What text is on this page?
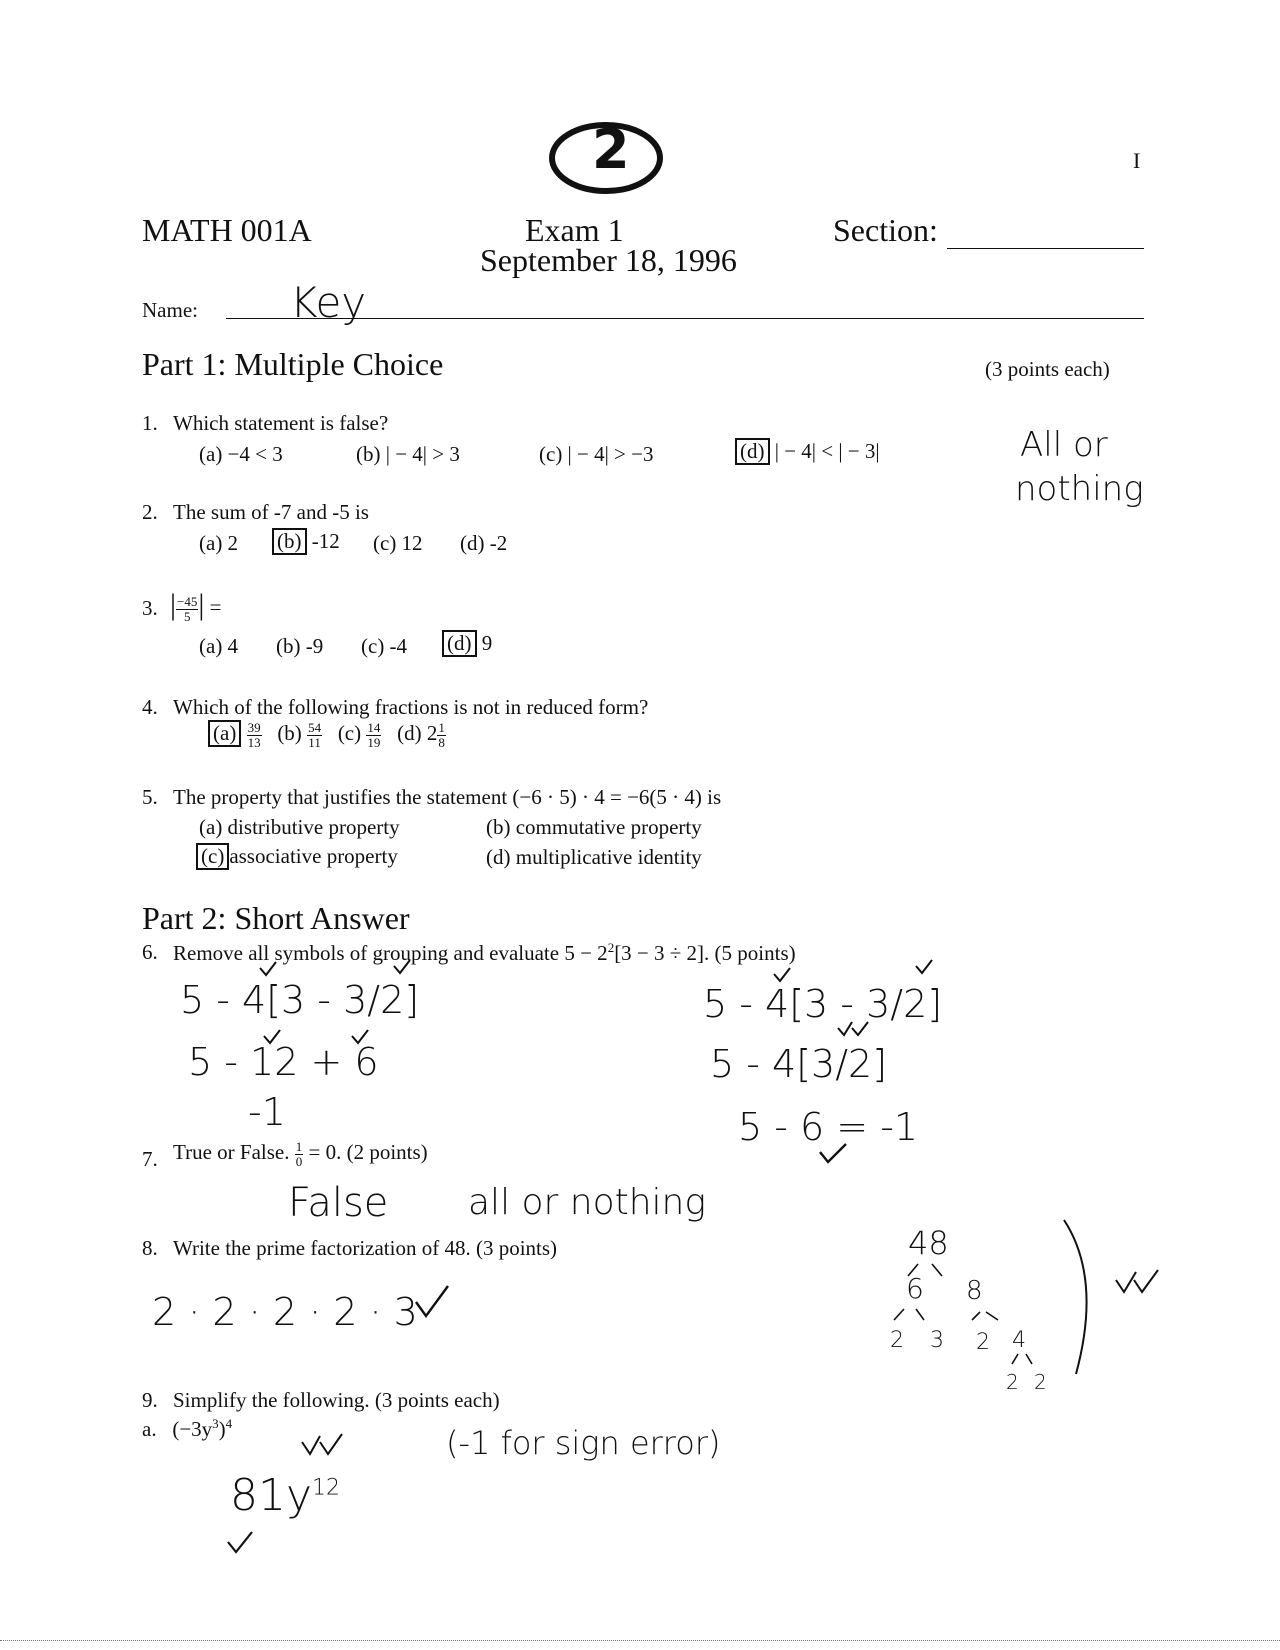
2	I
MATH 001A	Exam 1
September 18, 1996
Section:
Name: Key
Part 1: Multiple Choice	(3 points each)
All or
nothing
1. Which statement is false?
(a) −4 < 3	(b) | − 4| > 3	(c) | − 4| > −3	(d) | − 4| < | − 3|
2. The sum of -7 and -5 is
(a) 2 (b) -12 (c) 12 (d) -2
3. | $\frac{-45}{5}$ | =
(a) 4 (b) -9 (c) -4 (d) 9
4. Which of the following fractions is not in reduced form?
$(a) \frac{39}{13} (b) \frac{54}{11} (c) \frac{14}{19} (d)$ $2 \frac{1}{8}$
5. The property that justifies the statement (−6 · 5) · 4 = −6(5 · 4) is
(a) distributive property	(b) commutative property
(c) associative property	(d) multiplicative identity
Part 2: Short Answer
6. Remove all symbols of grouping and evaluate $5 - 2^2[3 - 3 \div 2]$. (5 points)
5 - 4[3 - 3/2]
5 - 12 + 6
-1
5 - 4[3 - 3/2]
5 - 4[3/2]
5 - 6 = -1
7. True or False. $\frac{1}{0} = 0$. (2 points)
False all or nothing
8. Write the prime factorization of 48. (3 points)
2 · 2 · 2 · 2 · 3
48
6 8
2 3 2 4
2 2
9. Simplify the following. (3 points each)
a. $(-3y^3)^4$
(-1 for sign error)
$81y^{12}$
